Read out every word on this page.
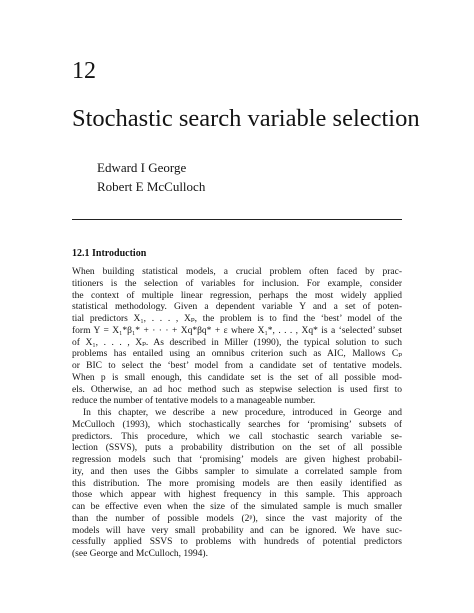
12
Stochastic search variable selection
Edward I George
Robert E McCulloch
12.1 Introduction
When building statistical models, a crucial problem often faced by prac-
titioners is the selection of variables for inclusion. For example, consider
the context of multiple linear regression, perhaps the most widely applied
statistical methodology. Given a dependent variable Y and a set of poten-
tial predictors X₁, . . . , Xₚ, the problem is to find the ‘best’ model of the
form Y = X₁*β₁* + · · · + Xq*βq* + ε where X₁*, . . . , Xq* is a ‘selected’ subset
of X₁, . . . , Xₚ. As described in Miller (1990), the typical solution to such
problems has entailed using an omnibus criterion such as AIC, Mallows Cₚ
or BIC to select the ‘best’ model from a candidate set of tentative models.
When p is small enough, this candidate set is the set of all possible mod-
els. Otherwise, an ad hoc method such as stepwise selection is used first to
reduce the number of tentative models to a manageable number.
In this chapter, we describe a new procedure, introduced in George and
McCulloch (1993), which stochastically searches for ‘promising’ subsets of
predictors. This procedure, which we call stochastic search variable se-
lection (SSVS), puts a probability distribution on the set of all possible
regression models such that ‘promising’ models are given highest probabil-
ity, and then uses the Gibbs sampler to simulate a correlated sample from
this distribution. The more promising models are then easily identified as
those which appear with highest frequency in this sample. This approach
can be effective even when the size of the simulated sample is much smaller
than the number of possible models (2ᵖ), since the vast majority of the
models will have very small probability and can be ignored. We have suc-
cessfully applied SSVS to problems with hundreds of potential predictors
(see George and McCulloch, 1994).
